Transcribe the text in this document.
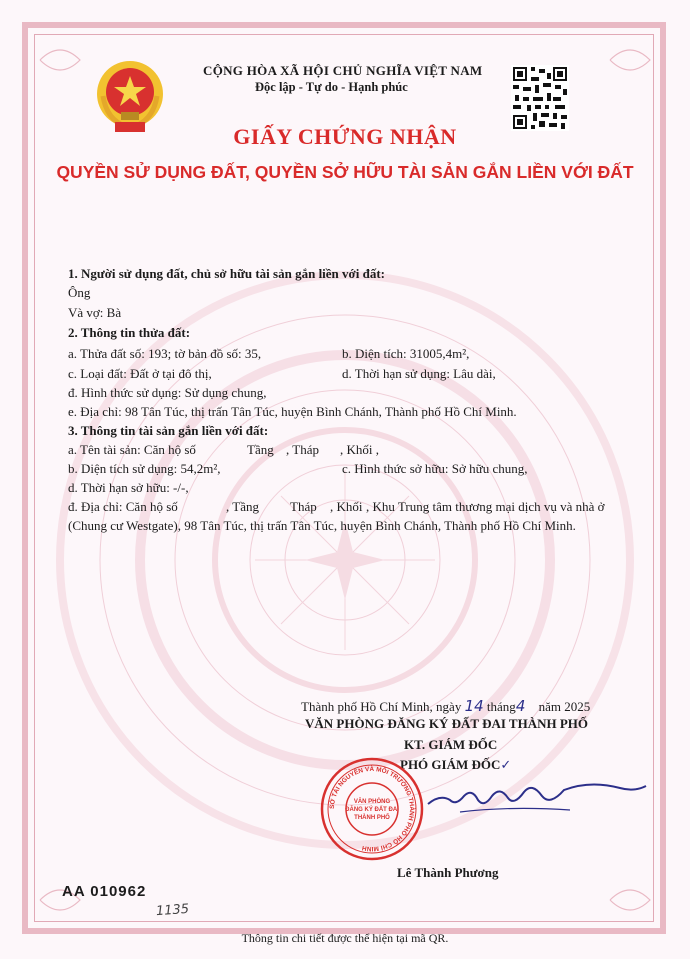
CỘNG HÒA XÃ HỘI CHỦ NGHĨA VIỆT NAM
Độc lập - Tự do - Hạnh phúc
GIẤY CHỨNG NHẬN
QUYỀN SỬ DỤNG ĐẤT, QUYỀN SỞ HỮU TÀI SẢN GẮN LIỀN VỚI ĐẤT
1. Người sử dụng đất, chủ sở hữu tài sản gắn liền với đất:
Ông
Và vợ: Bà
2. Thông tin thửa đất:
a. Thửa đất số: 193; tờ bản đồ số: 35,	b. Diện tích: 31005,4m²,
c. Loại đất: Đất ở tại đô thị,	d. Thời hạn sử dụng: Lâu dài,
đ. Hình thức sử dụng: Sử dụng chung,
e. Địa chỉ: 98 Tân Túc, thị trấn Tân Túc, huyện Bình Chánh, Thành phố Hồ Chí Minh.
3. Thông tin tài sản gắn liền với đất:
a. Tên tài sản: Căn hộ số	Tầng , Tháp , Khối ,
b. Diện tích sử dụng: 54,2m²,	c. Hình thức sở hữu: Sở hữu chung,
d. Thời hạn sở hữu: -/-,
đ. Địa chỉ: Căn hộ số	, Tầng Tháp , Khối , Khu Trung tâm thương mại dịch vụ và nhà ở
(Chung cư Westgate), 98 Tân Túc, thị trấn Tân Túc, huyện Bình Chánh, Thành phố Hồ Chí Minh.
Thành phố Hồ Chí Minh, ngày 14 tháng4 năm 2025
VĂN PHÒNG ĐĂNG KÝ ĐẤT ĐAI THÀNH PHỐ
KT. GIÁM ĐỐC
PHÓ GIÁM ĐỐC✓
SỞ TÀI NGUYÊN VÀ MÔI TRƯỜNG THÀNH PHỐ HỒ CHÍ MINH
VĂN PHÒNG
ĐĂNG KÝ ĐẤT ĐAI
THÀNH PHỐ
Lê Thành Phương
AA 010962
1135
Thông tin chi tiết được thể hiện tại mã QR.
